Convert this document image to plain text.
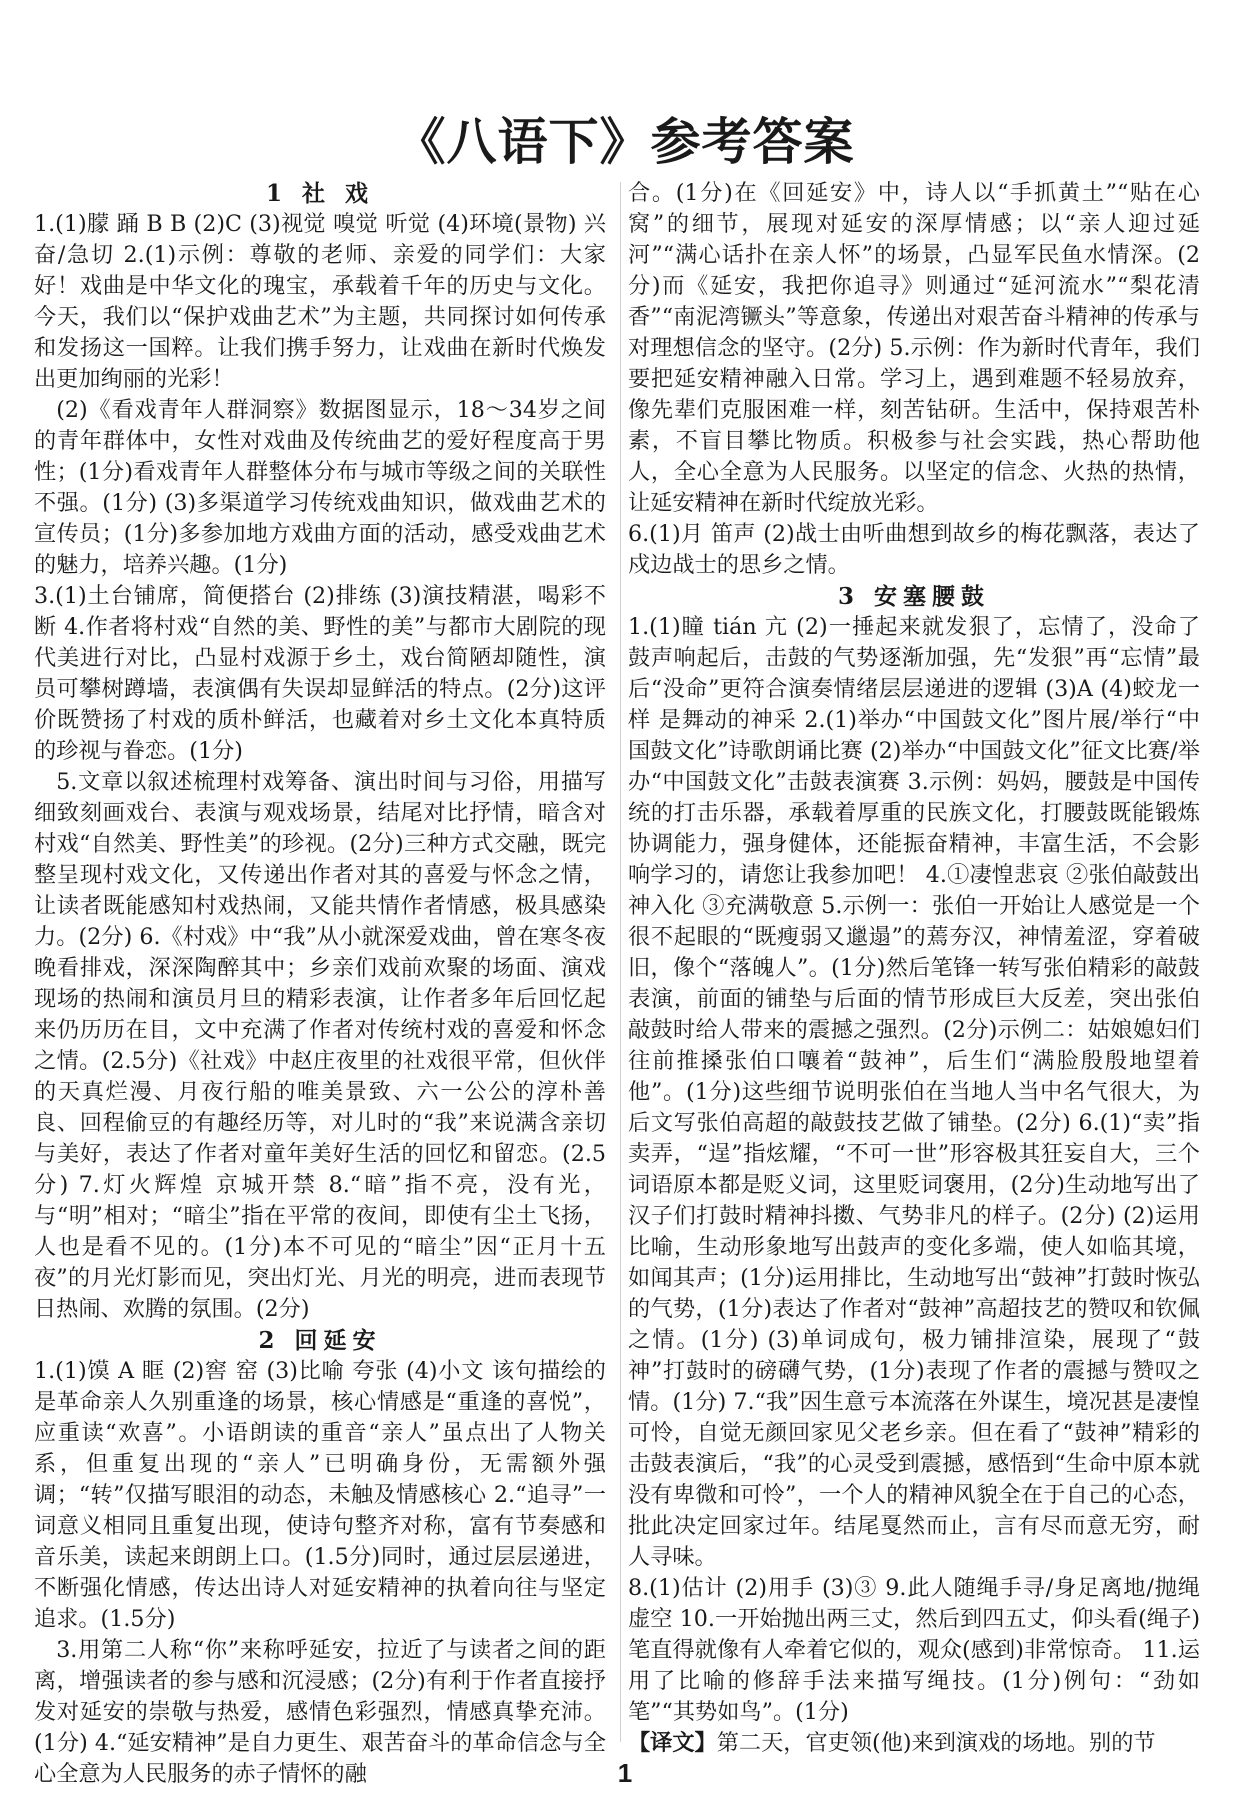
《八语下》参考答案

1 社 戏

1.(1)朦 踊 B B (2)C (3)视觉 嗅觉 听觉 (4)环境(景物) 兴奋/急切 2.(1)示例：尊敬的老师、亲爱的同学们：大家好！戏曲是中华文化的瑰宝，承载着千年的历史与文化。今天，我们以“保护戏曲艺术”为主题，共同探讨如何传承和发扬这一国粹。让我们携手努力，让戏曲在新时代焕发出更加绚丽的光彩！

(2)《看戏青年人群洞察》数据图显示，18～34岁之间的青年群体中，女性对戏曲及传统曲艺的爱好程度高于男性；(1分)看戏青年人群整体分布与城市等级之间的关联性不强。(1分) (3)多渠道学习传统戏曲知识，做戏曲艺术的宣传员；(1分)多参加地方戏曲方面的活动，感受戏曲艺术的魅力，培养兴趣。(1分)

3.(1)土台铺席，简便搭台 (2)排练 (3)演技精湛，喝彩不断 4.作者将村戏“自然的美、野性的美”与都市大剧院的现代美进行对比，凸显村戏源于乡土，戏台简陋却随性，演员可攀树蹲墙，表演偶有失误却显鲜活的特点。(2分)这评价既赞扬了村戏的质朴鲜活，也藏着对乡土文化本真特质的珍视与眷恋。(1分)

5.文章以叙述梳理村戏筹备、演出时间与习俗，用描写细致刻画戏台、表演与观戏场景，结尾对比抒情，暗含对村戏“自然美、野性美”的珍视。(2分)三种方式交融，既完整呈现村戏文化，又传递出作者对其的喜爱与怀念之情，让读者既能感知村戏热闹，又能共情作者情感，极具感染力。(2分) 6.《村戏》中“我”从小就深爱戏曲，曾在寒冬夜晚看排戏，深深陶醉其中；乡亲们戏前欢聚的场面、演戏现场的热闹和演员月旦的精彩表演，让作者多年后回忆起来仍历历在目，文中充满了作者对传统村戏的喜爱和怀念之情。(2.5分)《社戏》中赵庄夜里的社戏很平常，但伙伴的天真烂漫、月夜行船的唯美景致、六一公公的淳朴善良、回程偷豆的有趣经历等，对儿时的“我”来说满含亲切与美好，表达了作者对童年美好生活的回忆和留恋。(2.5分) 7.灯火辉煌 京城开禁 8.“暗”指不亮，没有光，与“明”相对；“暗尘”指在平常的夜间，即使有尘土飞扬，人也是看不见的。(1分)本不可见的“暗尘”因“正月十五夜”的月光灯影而见，突出灯光、月光的明亮，进而表现节日热闹、欢腾的氛围。(2分)

2 回延安

1.(1)馍 A 眶 (2)窖 窑 (3)比喻 夸张 (4)小文 该句描绘的是革命亲人久别重逢的场景，核心情感是“重逢的喜悦”，应重读“欢喜”。小语朗读的重音“亲人”虽点出了人物关系，但重复出现的“亲人”已明确身份，无需额外强调；“转”仅描写眼泪的动态，未触及情感核心 2.“追寻”一词意义相同且重复出现，使诗句整齐对称，富有节奏感和音乐美，读起来朗朗上口。(1.5分)同时，通过层层递进，不断强化情感，传达出诗人对延安精神的执着向往与坚定追求。(1.5分)

3.用第二人称“你”来称呼延安，拉近了与读者之间的距离，增强读者的参与感和沉浸感；(2分)有利于作者直接抒发对延安的崇敬与热爱，感情色彩强烈，情感真挚充沛。(1分) 4.“延安精神”是自力更生、艰苦奋斗的革命信念与全心全意为人民服务的赤子情怀的融

合。(1分)在《回延安》中，诗人以“手抓黄土”“贴在心窝”的细节，展现对延安的深厚情感；以“亲人迎过延河”“满心话扑在亲人怀”的场景，凸显军民鱼水情深。(2分)而《延安，我把你追寻》则通过“延河流水”“梨花清香”“南泥湾镢头”等意象，传递出对艰苦奋斗精神的传承与对理想信念的坚守。(2分) 5.示例：作为新时代青年，我们要把延安精神融入日常。学习上，遇到难题不轻易放弃，像先辈们克服困难一样，刻苦钻研。生活中，保持艰苦朴素，不盲目攀比物质。积极参与社会实践，热心帮助他人，全心全意为人民服务。以坚定的信念、火热的热情，让延安精神在新时代绽放光彩。

6.(1)月 笛声 (2)战士由听曲想到故乡的梅花飘落，表达了戍边战士的思乡之情。

3 安塞腰鼓

1.(1)瞳 tián 亢 (2)一捶起来就发狠了，忘情了，没命了 鼓声响起后，击鼓的气势逐渐加强，先“发狠”再“忘情”最后“没命”更符合演奏情绪层层递进的逻辑 (3)A (4)蛟龙一样 是舞动的神采 2.(1)举办“中国鼓文化”图片展/举行“中国鼓文化”诗歌朗诵比赛 (2)举办“中国鼓文化”征文比赛/举办“中国鼓文化”击鼓表演赛 3.示例：妈妈，腰鼓是中国传统的打击乐器，承载着厚重的民族文化，打腰鼓既能锻炼协调能力，强身健体，还能振奋精神，丰富生活，不会影响学习的，请您让我参加吧！ 4.①凄惶悲哀 ②张伯敲鼓出神入化 ③充满敬意 5.示例一：张伯一开始让人感觉是一个很不起眼的“既瘦弱又邋遢”的蔫夯汉，神情羞涩，穿着破旧，像个“落魄人”。(1分)然后笔锋一转写张伯精彩的敲鼓表演，前面的铺垫与后面的情节形成巨大反差，突出张伯敲鼓时给人带来的震撼之强烈。(2分)示例二：姑娘媳妇们往前推搡张伯口嚷着“鼓神”，后生们“满脸殷殷地望着他”。(1分)这些细节说明张伯在当地人当中名气很大，为后文写张伯高超的敲鼓技艺做了铺垫。(2分) 6.(1)“卖”指卖弄，“逞”指炫耀，“不可一世”形容极其狂妄自大，三个词语原本都是贬义词，这里贬词褒用，(2分)生动地写出了汉子们打鼓时精神抖擞、气势非凡的样子。(2分) (2)运用比喻，生动形象地写出鼓声的变化多端，使人如临其境，如闻其声；(1分)运用排比，生动地写出“鼓神”打鼓时恢弘的气势，(1分)表达了作者对“鼓神”高超技艺的赞叹和钦佩之情。(1分) (3)单词成句，极力铺排渲染，展现了“鼓神”打鼓时的磅礴气势，(1分)表现了作者的震撼与赞叹之情。(1分) 7.“我”因生意亏本流落在外谋生，境况甚是凄惶可怜，自觉无颜回家见父老乡亲。但在看了“鼓神”精彩的击鼓表演后，“我”的心灵受到震撼，感悟到“生命中原本就没有卑微和可怜”，一个人的精神风貌全在于自己的心态，批此决定回家过年。结尾戛然而止，言有尽而意无穷，耐人寻味。

8.(1)估计 (2)用手 (3)③ 9.此人随绳手寻/身足离地/抛绳虚空 10.一开始抛出两三丈，然后到四五丈，仰头看(绳子)笔直得就像有人牵着它似的，观众(感到)非常惊奇。 11.运用了比喻的修辞手法来描写绳技。(1分)例句：“劲如笔”“其势如鸟”。(1分)

【译文】第二天，官吏领(他)来到演戏的场地。别的节

1
